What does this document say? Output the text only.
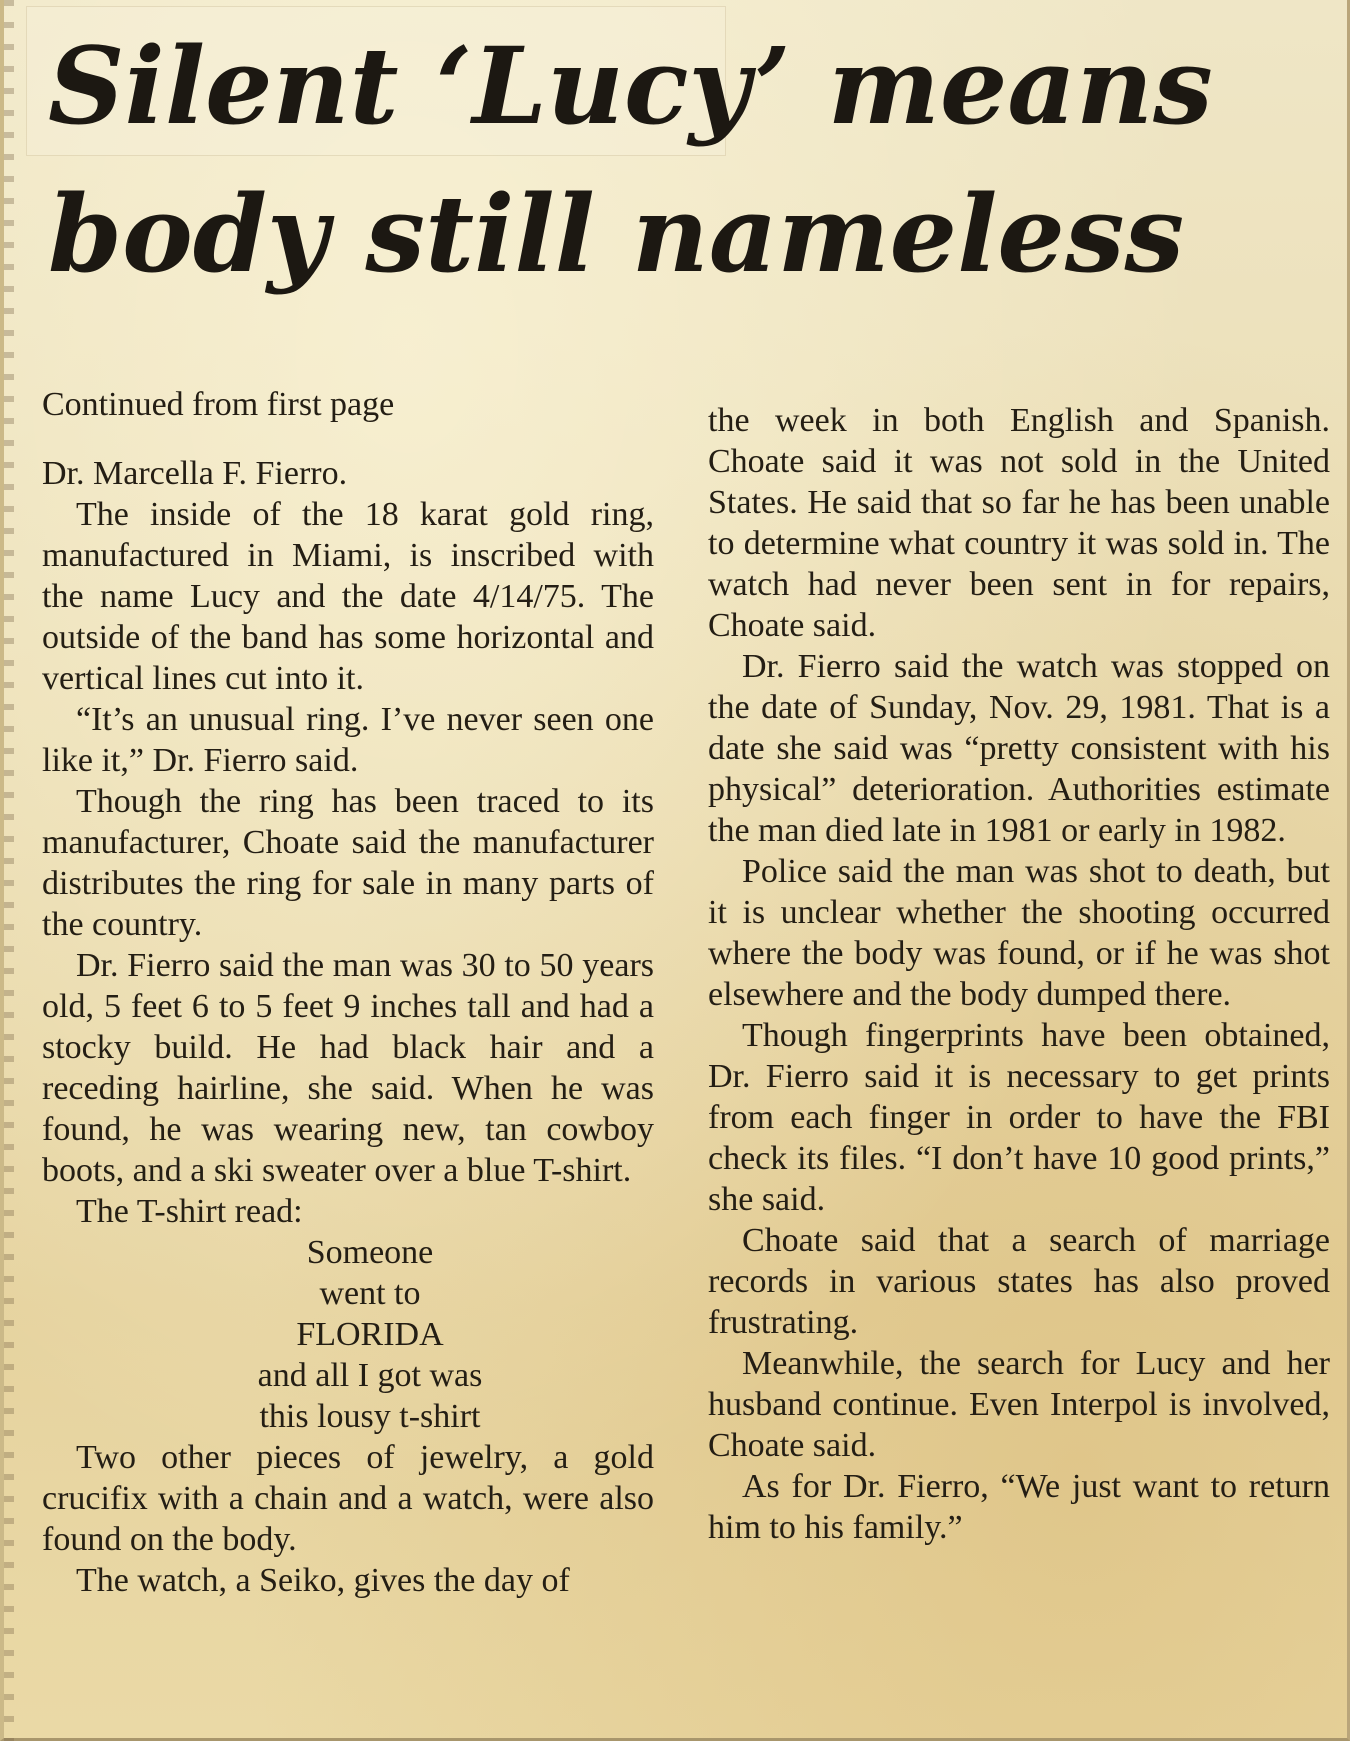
Silent ‘Lucy’ means
body still nameless

Continued from first page

Dr. Marcella F. Fierro.

The inside of the 18 karat gold ring, manufactured in Miami, is inscribed with the name Lucy and the date 4/14/75. The outside of the band has some horizontal and vertical lines cut into it.

“It’s an unusual ring. I’ve never seen one like it,” Dr. Fierro said.

Though the ring has been traced to its manufacturer, Choate said the manufacturer distributes the ring for sale in many parts of the country.

Dr. Fierro said the man was 30 to 50 years old, 5 feet 6 to 5 feet 9 inches tall and had a stocky build. He had black hair and a receding hairline, she said. When he was found, he was wearing new, tan cowboy boots, and a ski sweater over a blue T-shirt.

The T-shirt read:

Someone
went to
FLORIDA
and all I got was
this lousy t-shirt

Two other pieces of jewelry, a gold crucifix with a chain and a watch, were also found on the body.

The watch, a Seiko, gives the day of

the week in both English and Spanish. Choate said it was not sold in the United States. He said that so far he has been unable to determine what country it was sold in. The watch had never been sent in for repairs, Choate said.

Dr. Fierro said the watch was stopped on the date of Sunday, Nov. 29, 1981. That is a date she said was “pretty consistent with his physical” deterioration. Authorities estimate the man died late in 1981 or early in 1982.

Police said the man was shot to death, but it is unclear whether the shooting occurred where the body was found, or if he was shot elsewhere and the body dumped there.

Though fingerprints have been obtained, Dr. Fierro said it is necessary to get prints from each finger in order to have the FBI check its files. “I don’t have 10 good prints,” she said.

Choate said that a search of marriage records in various states has also proved frustrating.

Meanwhile, the search for Lucy and her husband continue. Even Interpol is involved, Choate said.

As for Dr. Fierro, “We just want to return him to his family.”
